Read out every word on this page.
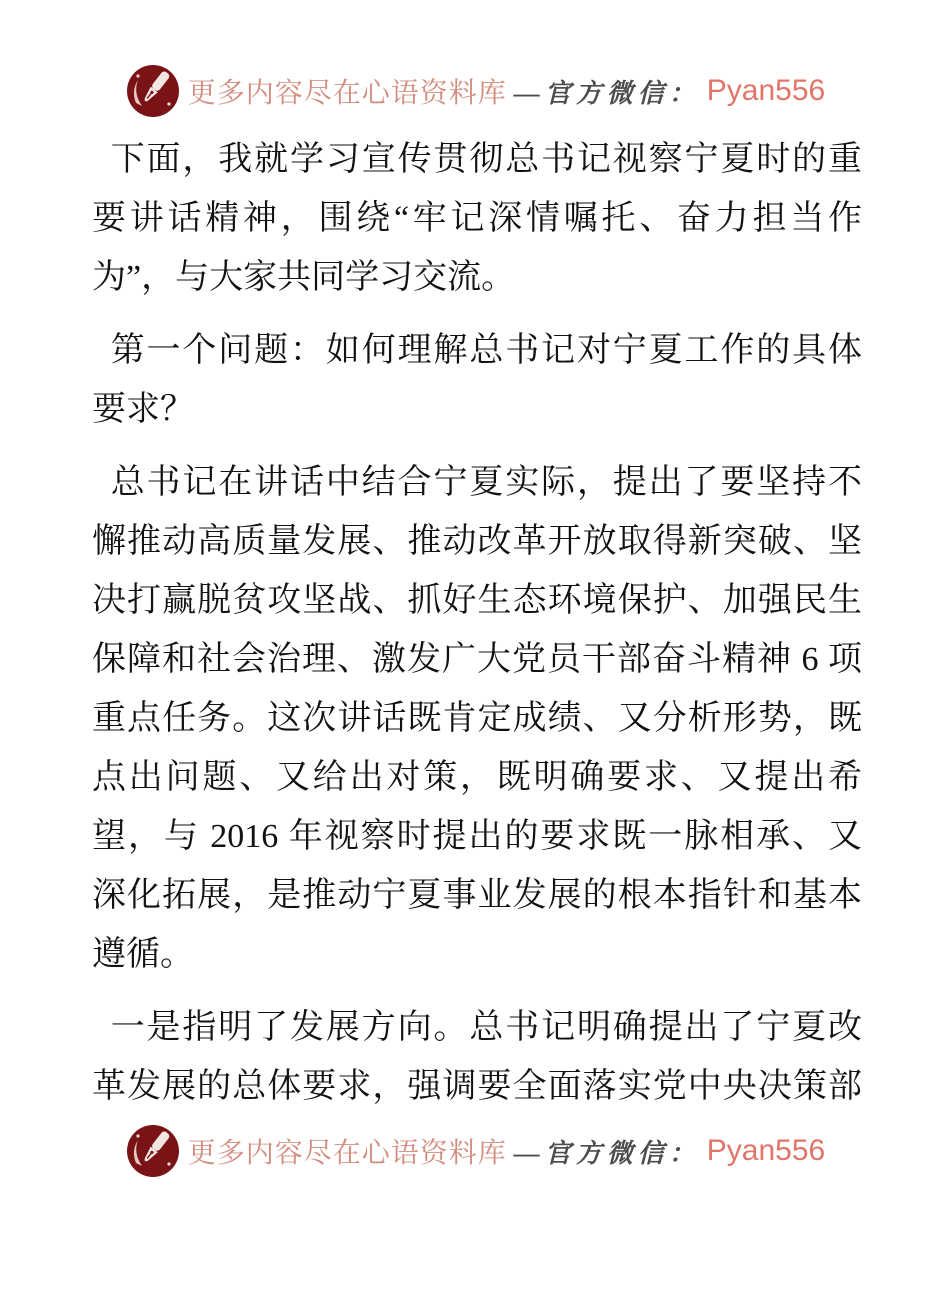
更多内容尽在心语资料库 —官方微信： Pyan556

下面，我就学习宣传贯彻总书记视察宁夏时的重
要讲话精神，围绕“牢记深情嘱托、奋力担当作
为”，与大家共同学习交流。

第一个问题：如何理解总书记对宁夏工作的具体
要求？

总书记在讲话中结合宁夏实际，提出了要坚持不
懈推动高质量发展、推动改革开放取得新突破、坚
决打赢脱贫攻坚战、抓好生态环境保护、加强民生
保障和社会治理、激发广大党员干部奋斗精神 6 项
重点任务。这次讲话既肯定成绩、又分析形势，既
点出问题、又给出对策，既明确要求、又提出希
望，与 2016 年视察时提出的要求既一脉相承、又
深化拓展，是推动宁夏事业发展的根本指针和基本
遵循。

一是指明了发展方向。总书记明确提出了宁夏改
革发展的总体要求，强调要全面落实党中央决策部

更多内容尽在心语资料库 —官方微信： Pyan556
